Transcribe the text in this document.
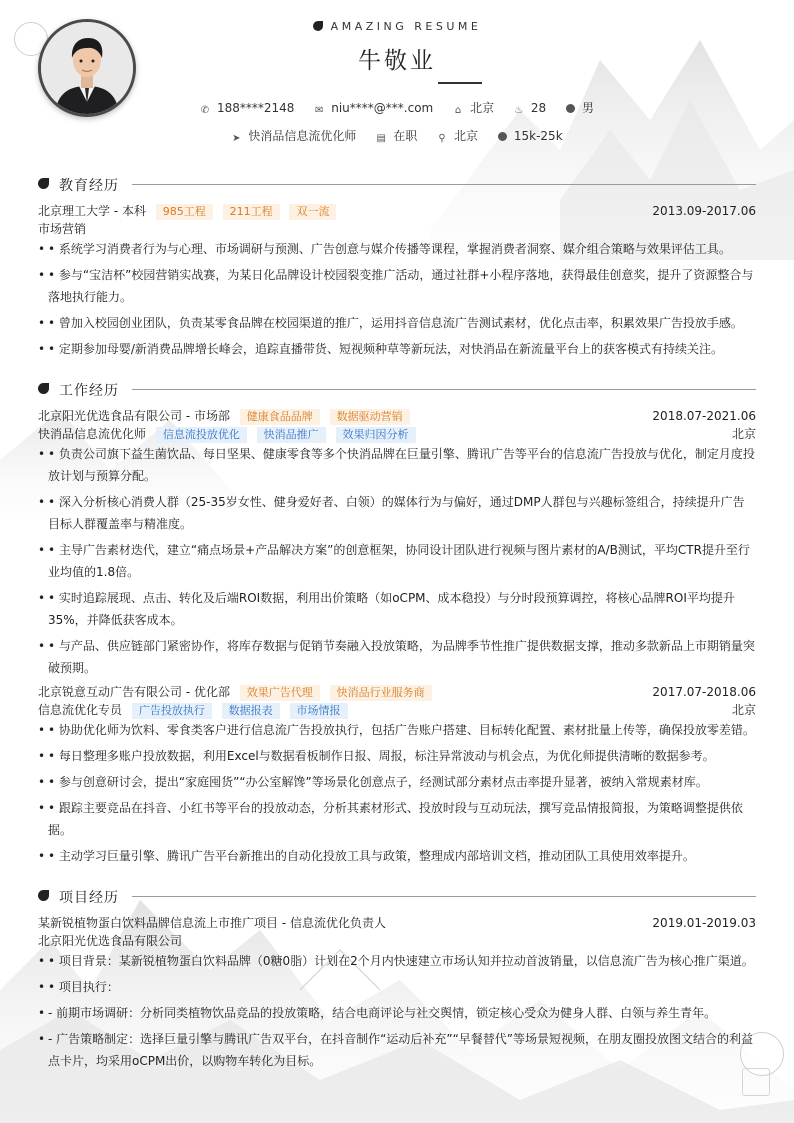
AMAZING RESUME
牛敬业
✆ 188****2148 ✉ niu****@***.com ⌂ 北京 ♨ 28	男
➤ 快消品信息流优化师 ▤ 在职 ⚲ 北京	15k-25k
教育经历
北京理工大学 - 本科 985工程 211工程 双一流	2013.09-2017.06
市场营销
• • 系统学习消费者行为与心理、市场调研与预测、广告创意与媒介传播等课程，掌握消费者洞察、媒介组合策略与效果评估工具。
• • 参与“宝洁杯”校园营销实战赛，为某日化品牌设计校园裂变推广活动，通过社群+小程序落地，获得最佳创意奖，提升了资源整合与落地执行能力。
• • 曾加入校园创业团队，负责某零食品牌在校园渠道的推广，运用抖音信息流广告测试素材，优化点击率，积累效果广告投放手感。
• • 定期参加母婴/新消费品牌增长峰会，追踪直播带货、短视频种草等新玩法，对快消品在新流量平台上的获客模式有持续关注。
工作经历
北京阳光优选食品有限公司 - 市场部 健康食品品牌 数据驱动营销	2018.07-2021.06
快消品信息流优化师 信息流投放优化 快消品推广 效果归因分析	北京
• • 负责公司旗下益生菌饮品、每日坚果、健康零食等多个快消品牌在巨量引擎、腾讯广告等平台的信息流广告投放与优化，制定月度投放计划与预算分配。
• • 深入分析核心消费人群（25-35岁女性、健身爱好者、白领）的媒体行为与偏好，通过DMP人群包与兴趣标签组合，持续提升广告目标人群覆盖率与精准度。
• • 主导广告素材迭代，建立“痛点场景+产品解决方案”的创意框架，协同设计团队进行视频与图片素材的A/B测试，平均CTR提升至行业均值的1.8倍。
• • 实时追踪展现、点击、转化及后端ROI数据，利用出价策略（如oCPM、成本稳投）与分时段预算调控，将核心品牌ROI平均提升35%，并降低获客成本。
• • 与产品、供应链部门紧密协作，将库存数据与促销节奏融入投放策略，为品牌季节性推广提供数据支撑，推动多款新品上市期销量突破预期。
北京锐意互动广告有限公司 - 优化部 效果广告代理 快消品行业服务商	2017.07-2018.06
信息流优化专员 广告投放执行 数据报表 市场情报	北京
• • 协助优化师为饮料、零食类客户进行信息流广告投放执行，包括广告账户搭建、目标转化配置、素材批量上传等，确保投放零差错。
• • 每日整理多账户投放数据，利用Excel与数据看板制作日报、周报，标注异常波动与机会点，为优化师提供清晰的数据参考。
• • 参与创意研讨会，提出“家庭囤货”“办公室解馋”等场景化创意点子，经测试部分素材点击率提升显著，被纳入常规素材库。
• • 跟踪主要竞品在抖音、小红书等平台的投放动态，分析其素材形式、投放时段与互动玩法，撰写竞品情报简报，为策略调整提供依据。
• • 主动学习巨量引擎、腾讯广告平台新推出的自动化投放工具与政策，整理成内部培训文档，推动团队工具使用效率提升。
项目经历
某新锐植物蛋白饮料品牌信息流上市推广项目 - 信息流优化负责人	2019.01-2019.03
北京阳光优选食品有限公司
• • 项目背景：某新锐植物蛋白饮料品牌（0糖0脂）计划在2个月内快速建立市场认知并拉动首波销量，以信息流广告为核心推广渠道。
• • 项目执行：
• - 前期市场调研：分析同类植物饮品竞品的投放策略，结合电商评论与社交舆情，锁定核心受众为健身人群、白领与养生青年。
• - 广告策略制定：选择巨量引擎与腾讯广告双平台，在抖音制作“运动后补充”“早餐替代”等场景短视频，在朋友圈投放图文结合的利益点卡片，均采用oCPM出价，以购物车转化为目标。
